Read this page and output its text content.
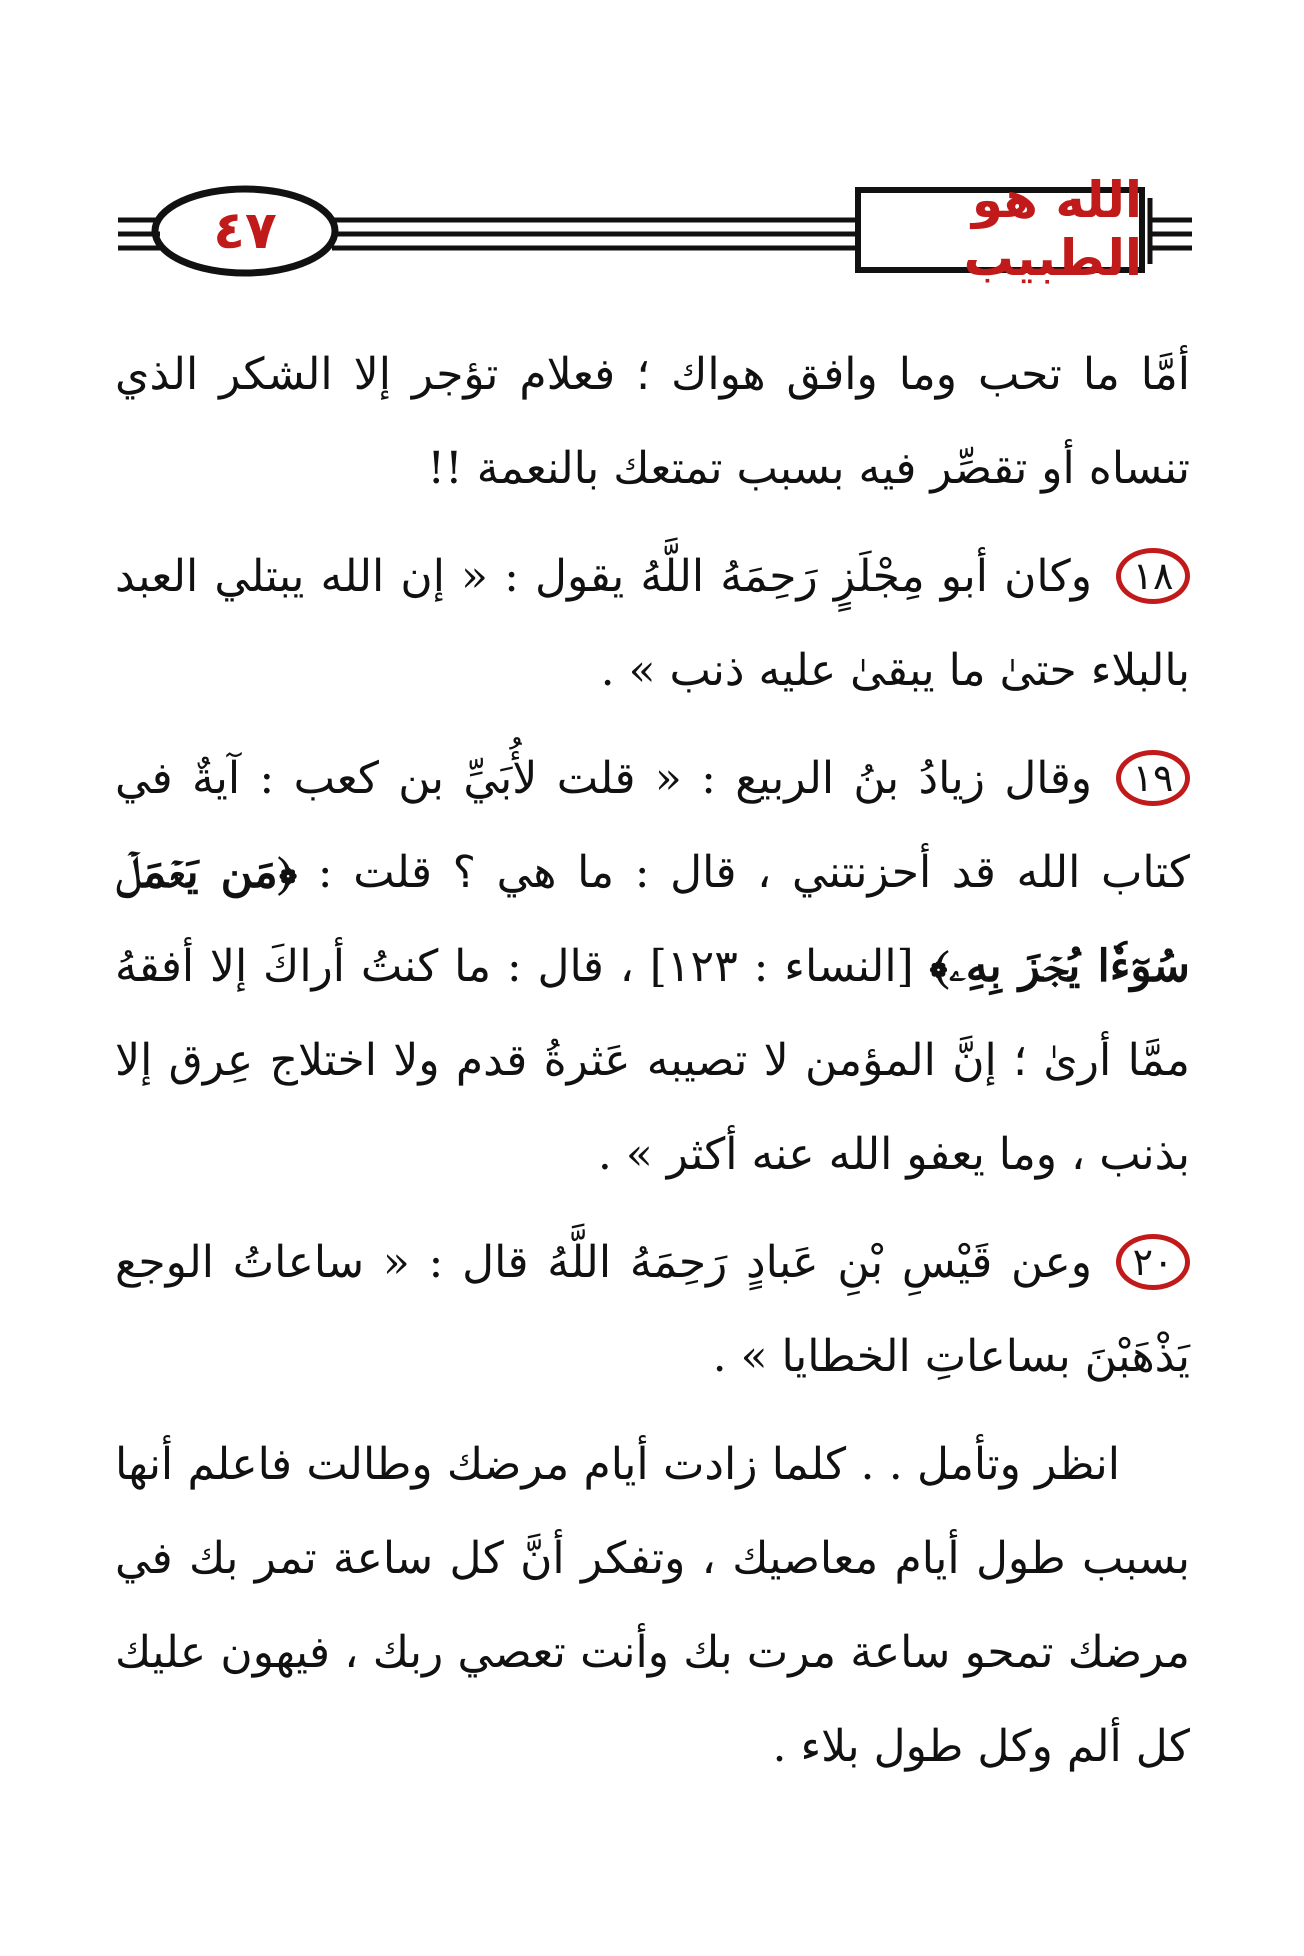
٤٧
الله هو الطبيب

أمَّا ما تحب وما وافق هواك ؛ فعلام تؤجر إلا الشكر الذي تنساه أو تقصِّر فيه بسبب تمتعك بالنعمة !!

١٨وكان أبو مِجْلَزٍ رَحِمَهُ اللَّهُ يقول : « إن الله يبتلي العبد بالبلاء حتىٰ ما يبقىٰ عليه ذنب » .

١٩وقال زيادُ بنُ الربيع : « قلت لأُبَيِّ بن كعب : آيةٌ في كتاب الله قد أحزنتني ، قال : ما هي ؟ قلت : ﴿مَن يَعۡمَلۡ سُوٓءٗا يُجۡزَ بِهِۦ﴾ [النساء : ١٢٣] ، قال : ما كنتُ أراكَ إلا أفقهُ ممَّا أرىٰ ؛ إنَّ المؤمن لا تصيبه عَثرةُ قدم ولا اختلاج عِرق إلا بذنب ، وما يعفو الله عنه أكثر » .

٢٠وعن قَيْسِ بْنِ عَبادٍ رَحِمَهُ اللَّهُ قال : « ساعاتُ الوجع يَذْهَبْنَ بساعاتِ الخطايا » .

انظر وتأمل . . كلما زادت أيام مرضك وطالت فاعلم أنها بسبب طول أيام معاصيك ، وتفكر أنَّ كل ساعة تمر بك في مرضك تمحو ساعة مرت بك وأنت تعصي ربك ، فيهون عليك كل ألم وكل طول بلاء .
